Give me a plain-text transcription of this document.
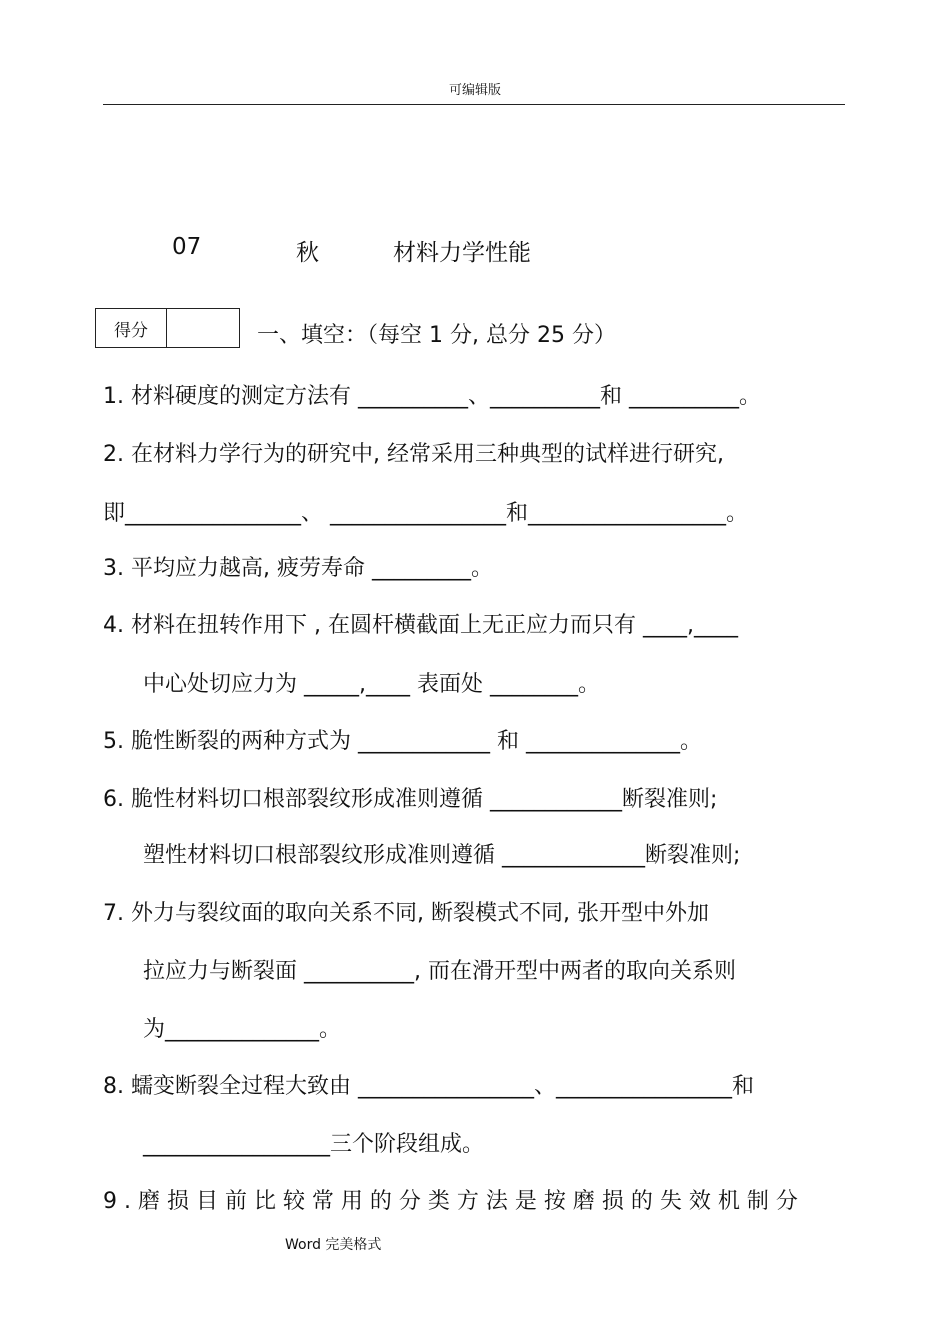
可编辑版
07	秋	材料力学性能
得分	一、填空：（每空 1 分, 总分 25 分）
1. 材料硬度的测定方法有 __________、__________和 __________。
2. 在材料力学行为的研究中, 经常采用三种典型的试样进行研究,
即________________、 ________________和__________________。
3. 平均应力越高, 疲劳寿命 _________。
4. 材料在扭转作用下 , 在圆杆横截面上无正应力而只有 ____,____
中心处切应力为 _____,____ 表面处 ________。
5. 脆性断裂的两种方式为 ____________ 和 ______________。
6. 脆性材料切口根部裂纹形成准则遵循 ____________断裂准则;
塑性材料切口根部裂纹形成准则遵循 _____________断裂准则;
7. 外力与裂纹面的取向关系不同, 断裂模式不同, 张开型中外加
拉应力与断裂面 __________, 而在滑开型中两者的取向关系则
为______________。
8. 蠕变断裂全过程大致由 ________________、________________和
_________________三个阶段组成。
9 . 磨 损 目 前 比 较 常 用 的 分 类 方 法 是 按 磨 损 的 失 效 机 制 分
Word 完美格式
